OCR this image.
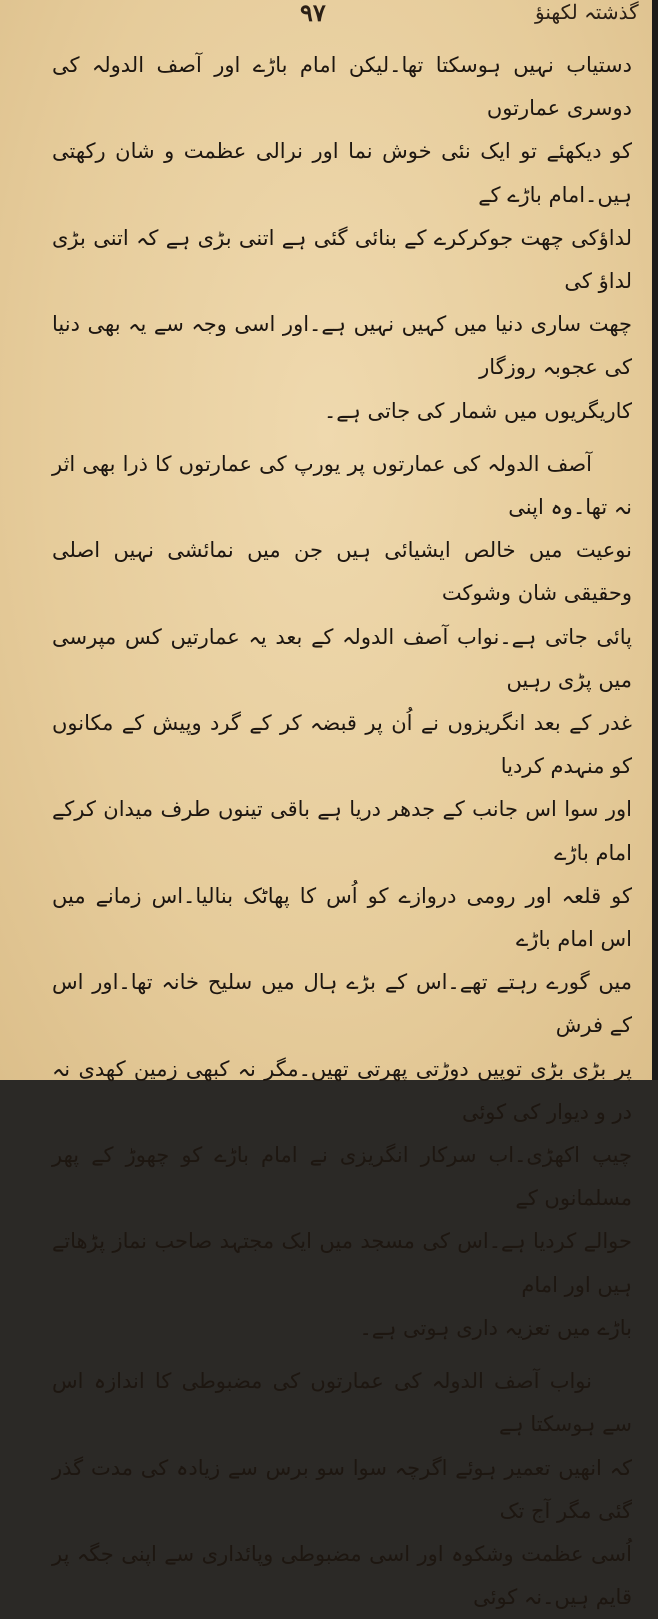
۹۷	گذشتہ لکھنؤ

دستیاب نہیں ہوسکتا تھا۔لیکن امام باڑے اور آصف الدولہ کی دوسری عمارتوں

کو دیکھئے تو ایک نئی خوش نما اور نرالی عظمت و شان رکھتی ہیں۔امام باڑے کے

لداؤکی چھت جوکرکرے کے بنائی گئی ہے اتنی بڑی ہے کہ اتنی بڑی لداؤ کی

چھت ساری دنیا میں کہیں نہیں ہے۔اور اسی وجہ سے یہ بھی دنیا کی عجوبہ روزگار

کاریگریوں میں شمار کی جاتی ہے۔

آصف الدولہ کی عمارتوں پر یورپ کی عمارتوں کا ذرا بھی اثر نہ تھا۔وہ اپنی

نوعیت میں خالص ایشیائی ہیں جن میں نمائشی نہیں اصلی وحقیقی شان وشوکت

پائی جاتی ہے۔نواب آصف الدولہ کے بعد یہ عمارتیں کس مپرسی میں پڑی رہیں

غدر کے بعد انگریزوں نے اُن پر قبضہ کر کے گرد وپیش کے مکانوں کو منہدم کردیا

اور سوا اس جانب کے جدھر دریا ہے باقی تینوں طرف میدان کرکے امام باڑے

کو قلعہ اور رومی دروازے کو اُس کا پھاٹک بنالیا۔اس زمانے میں اس امام باڑے

میں گورے رہتے تھے۔اس کے بڑے ہال میں سلیح خانہ تھا۔اور اس کے فرش

پر بڑی بڑی توپیں دوڑتی پھرتی تھیں۔مگر نہ کبھی زمین کھدی نہ در و دیوار کی کوئی

چیپ اکھڑی۔اب سرکار انگریزی نے امام باڑے کو چھوڑ کے پھر مسلمانوں کے

حوالے کردیا ہے۔اس کی مسجد میں ایک مجتہد صاحب نماز پڑھاتے ہیں اور امام

باڑے میں تعزیہ داری ہوتی ہے۔

نواب آصف الدولہ کی عمارتوں کی مضبوطی کا اندازہ اس سے ہوسکتا ہے

کہ انھیں تعمیر ہوئے اگرچہ سوا سو برس سے زیادہ کی مدت گذر گئی مگر آج تک

اُسی عظمت وشکوہ اور اسی مضبوطی وپائداری سے اپنی جگہ پر قایم ہیں۔نہ کوئی
